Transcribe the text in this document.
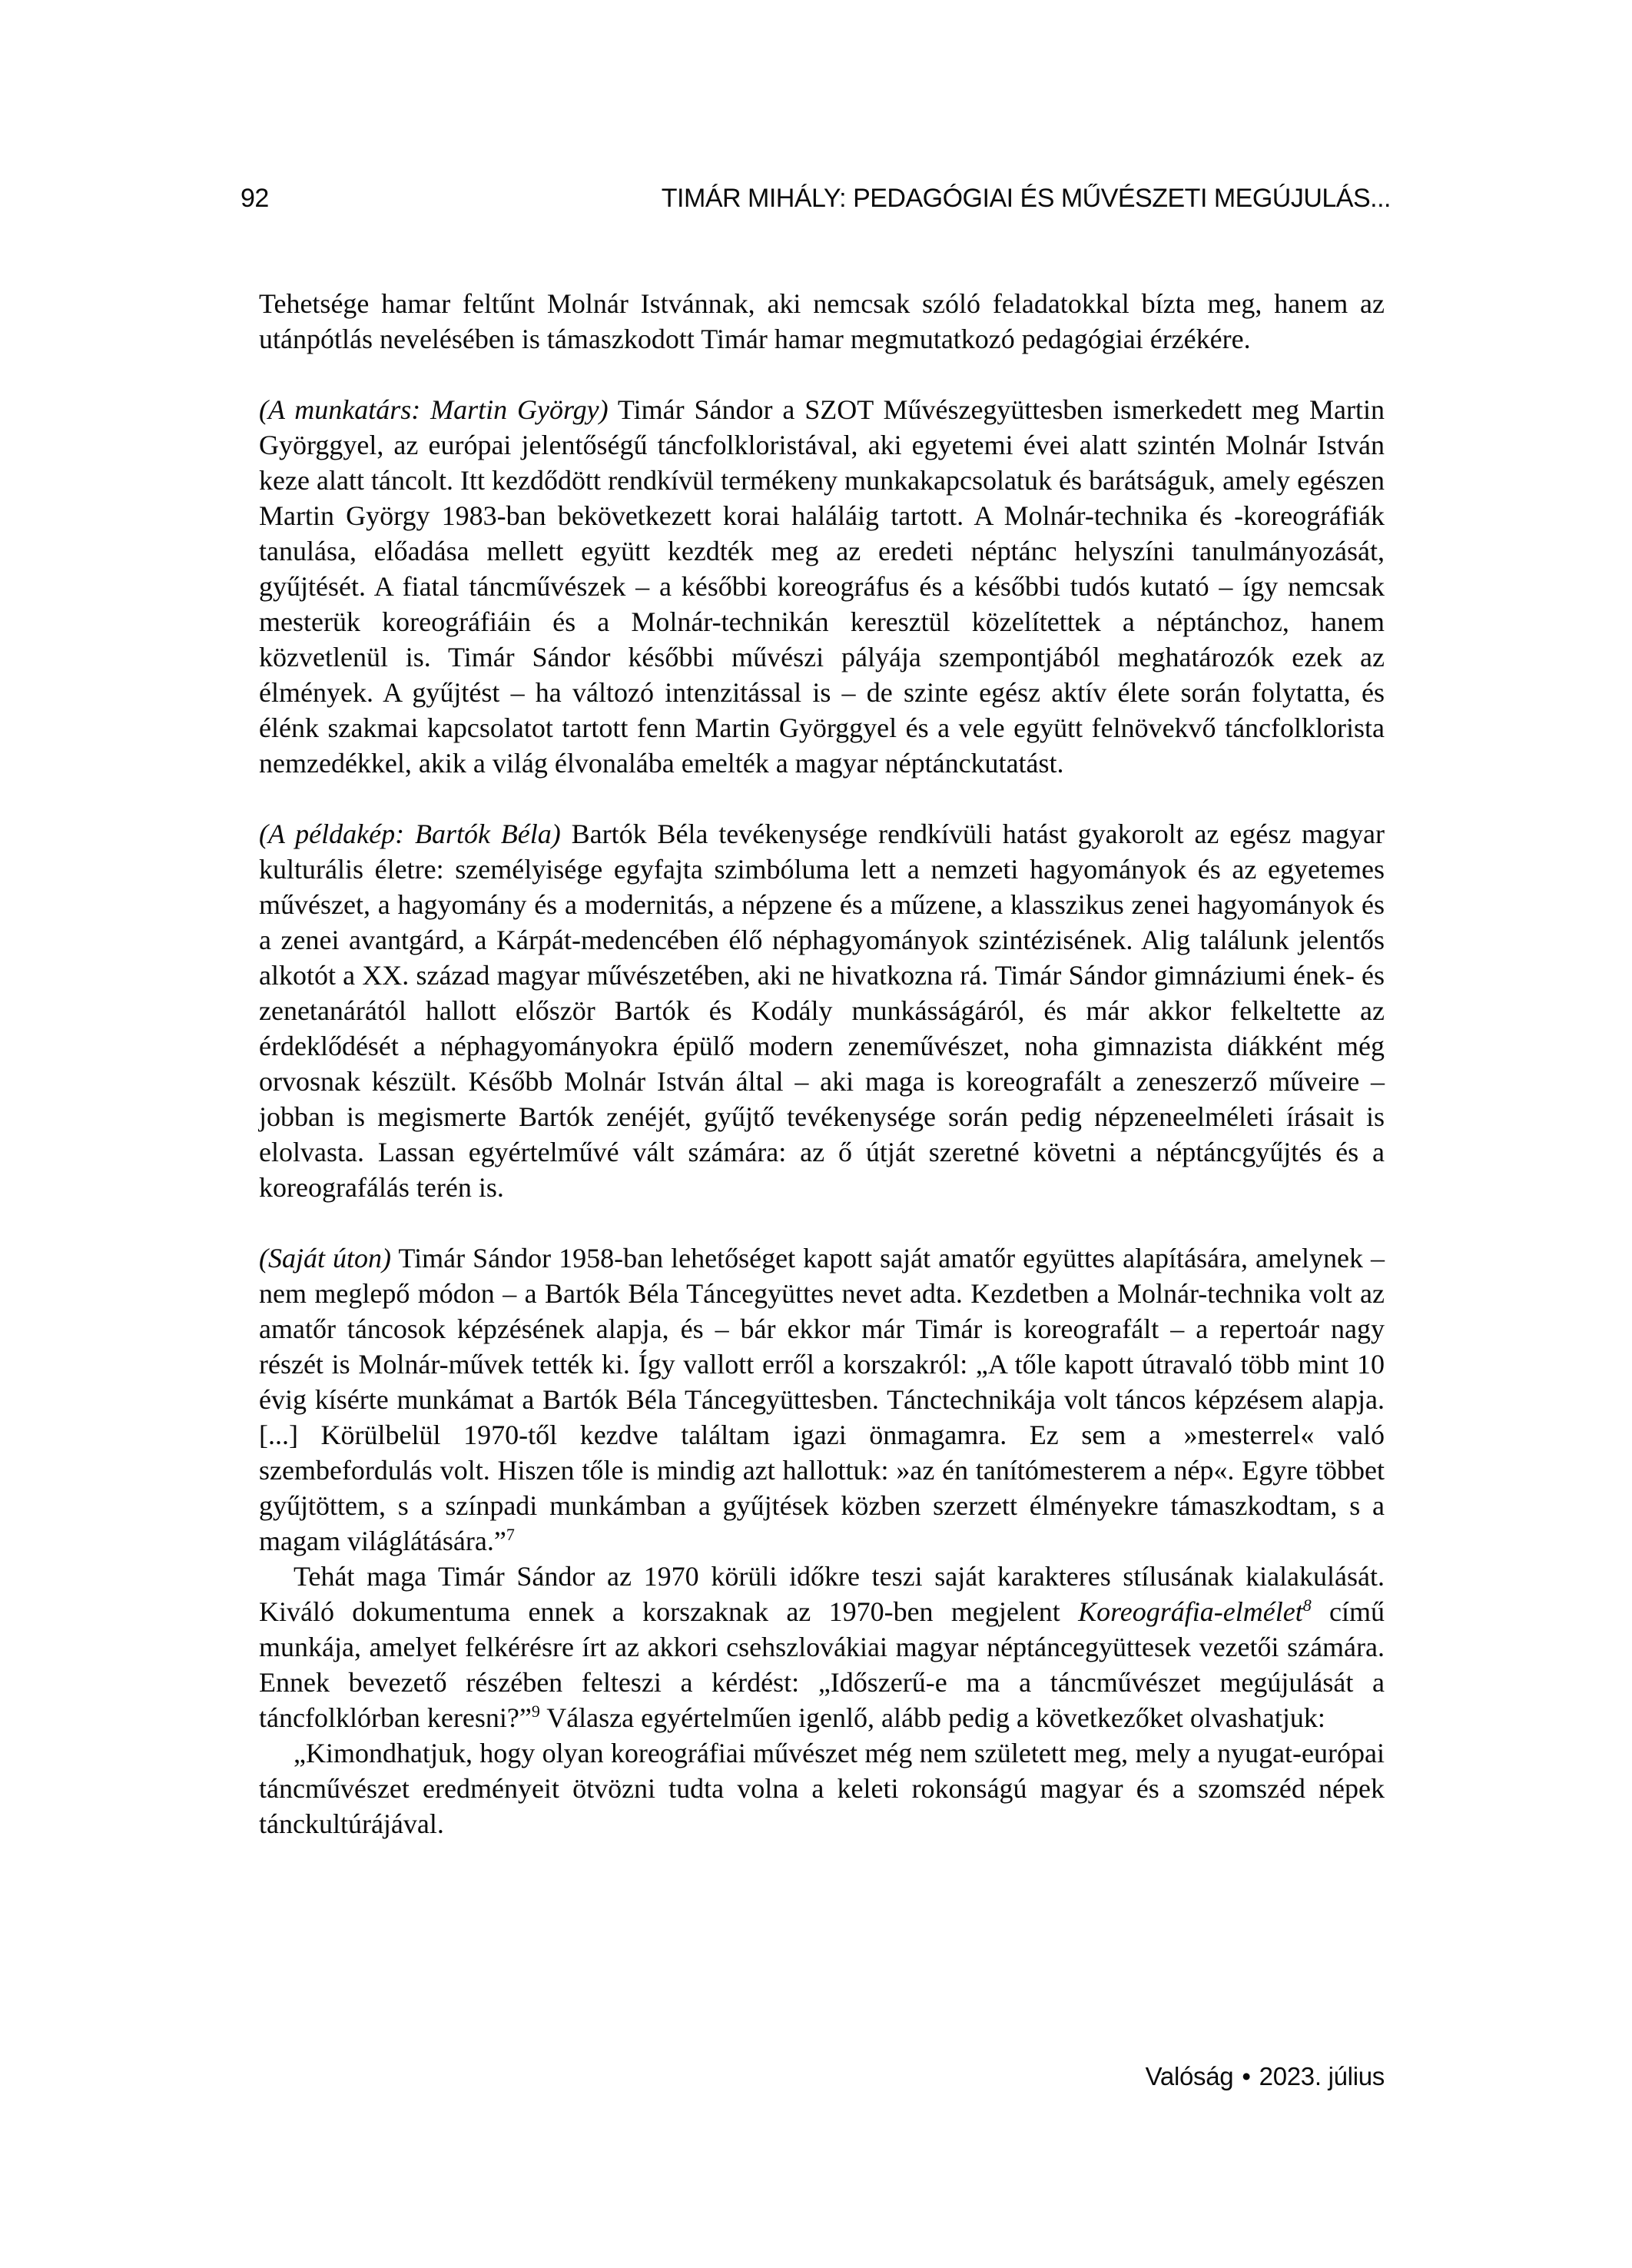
92	TIMÁR MIHÁLY: PEDAGÓGIAI ÉS MŰVÉSZETI MEGÚJULÁS...

Tehetsége hamar feltűnt Molnár Istvánnak, aki nemcsak szóló feladatokkal bízta meg, hanem az utánpótlás nevelésében is támaszkodott Timár hamar megmutatkozó pedagógiai érzékére.

(A munkatárs: Martin György) Timár Sándor a SZOT Művészegyüttesben ismerkedett meg Martin Györggyel, az európai jelentőségű táncfolkloristával, aki egyetemi évei alatt szintén Molnár István keze alatt táncolt. Itt kezdődött rendkívül termékeny munkakapcsolatuk és barátságuk, amely egészen Martin György 1983-ban bekövetkezett korai haláláig tartott. A Molnár-technika és -koreográfiák tanulása, előadása mellett együtt kezdték meg az eredeti néptánc helyszíni tanulmányozását, gyűjtését. A fiatal táncművészek – a későbbi koreográfus és a későbbi tudós kutató – így nemcsak mesterük koreográfiáin és a Molnár-technikán keresztül közelítettek a néptánchoz, hanem közvetlenül is. Timár Sándor későbbi művészi pályája szempontjából meghatározók ezek az élmények. A gyűjtést – ha változó intenzitással is – de szinte egész aktív élete során folytatta, és élénk szakmai kapcsolatot tartott fenn Martin Györggyel és a vele együtt felnövekvő táncfolklorista nemzedékkel, akik a világ élvonalába emelték a magyar néptánckutatást.

(A példakép: Bartók Béla) Bartók Béla tevékenysége rendkívüli hatást gyakorolt az egész magyar kulturális életre: személyisége egyfajta szimbóluma lett a nemzeti hagyományok és az egyetemes művészet, a hagyomány és a modernitás, a népzene és a műzene, a klasszikus zenei hagyományok és a zenei avantgárd, a Kárpát-medencében élő néphagyományok szintézisének. Alig találunk jelentős alkotót a XX. század magyar művészetében, aki ne hivatkozna rá. Timár Sándor gimnáziumi ének- és zenetanárától hallott először Bartók és Kodály munkásságáról, és már akkor felkeltette az érdeklődését a néphagyományokra épülő modern zeneművészet, noha gimnazista diákként még orvosnak készült. Később Molnár István által – aki maga is koreografált a zeneszerző műveire – jobban is megismerte Bartók zenéjét, gyűjtő tevékenysége során pedig népzeneelméleti írásait is elolvasta. Lassan egyértelművé vált számára: az ő útját szeretné követni a néptáncgyűjtés és a koreografálás terén is.

(Saját úton) Timár Sándor 1958-ban lehetőséget kapott saját amatőr együttes alapítására, amelynek – nem meglepő módon – a Bartók Béla Táncegyüttes nevet adta. Kezdetben a Molnár-technika volt az amatőr táncosok képzésének alapja, és – bár ekkor már Timár is koreografált – a repertoár nagy részét is Molnár-művek tették ki. Így vallott erről a korszakról: „A tőle kapott útravaló több mint 10 évig kísérte munkámat a Bartók Béla Táncegyüttesben. Tánctechnikája volt táncos képzésem alapja. [...] Körülbelül 1970-től kezdve találtam igazi önmagamra. Ez sem a »mesterrel« való szembefordulás volt. Hiszen tőle is mindig azt hallottuk: »az én tanítómesterem a nép«. Egyre többet gyűjtöttem, s a színpadi munkámban a gyűjtések közben szerzett élményekre támaszkodtam, s a magam világlátására.”$^7$

Tehát maga Timár Sándor az 1970 körüli időkre teszi saját karakteres stílusának kialakulását. Kiváló dokumentuma ennek a korszaknak az 1970-ben megjelent Koreográfia-elmélet$^8$ című munkája, amelyet felkérésre írt az akkori csehszlovákiai magyar néptáncegyüttesek vezetői számára. Ennek bevezető részében felteszi a kérdést: „Időszerű-e ma a táncművészet megújulását a táncfolklórban keresni?”$^9$ Válasza egyértelműen igenlő, alább pedig a következőket olvashatjuk:

„Kimondhatjuk, hogy olyan koreográfiai művészet még nem született meg, mely a nyugat-európai táncművészet eredményeit ötvözni tudta volna a keleti rokonságú magyar és a szomszéd népek tánckultúrájával.

Valóság • 2023. július
